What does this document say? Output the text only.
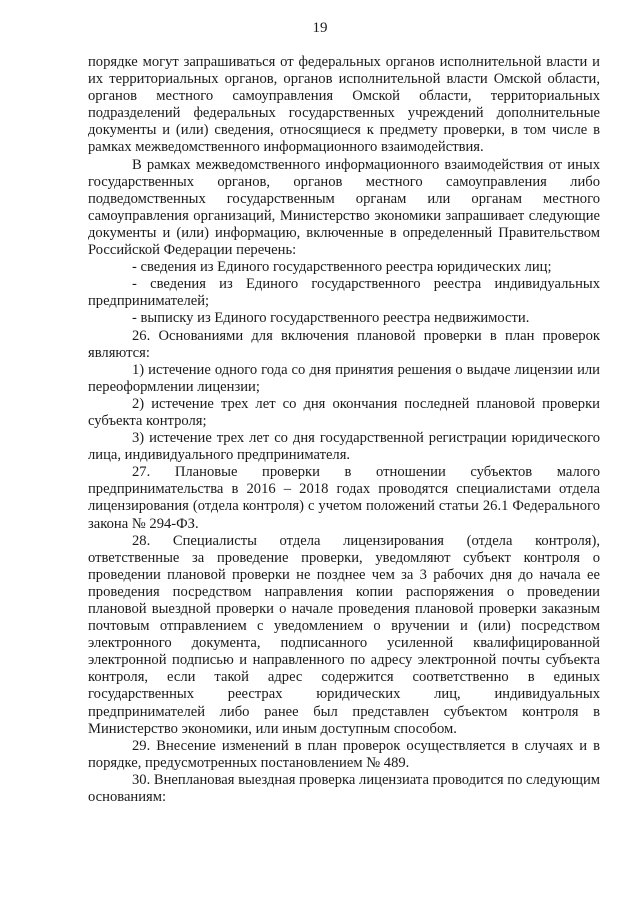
19

порядке могут запрашиваться от федеральных органов исполнительной власти и их территориальных органов, органов исполнительной власти Омской области, органов местного самоуправления Омской области, территориальных подразделений федеральных государственных учреждений дополнительные документы и (или) сведения, относящиеся к предмету проверки, в том числе в рамках межведомственного информационного взаимодействия.

В рамках межведомственного информационного взаимодействия от иных государственных органов, органов местного самоуправления либо подведомственных государственным органам или органам местного самоуправления организаций, Министерство экономики запрашивает следующие документы и (или) информацию, включенные в определенный Правительством Российской Федерации перечень:

- сведения из Единого государственного реестра юридических лиц;

- сведения из Единого государственного реестра индивидуальных предпринимателей;

- выписку из Единого государственного реестра недвижимости.

26. Основаниями для включения плановой проверки в план проверок являются:

1) истечение одного года со дня принятия решения о выдаче лицензии или переоформлении лицензии;

2) истечение трех лет со дня окончания последней плановой проверки субъекта контроля;

3) истечение трех лет со дня государственной регистрации юридического лица, индивидуального предпринимателя.

27. Плановые проверки в отношении субъектов малого предпринимательства в 2016 – 2018 годах проводятся специалистами отдела лицензирования (отдела контроля) с учетом положений статьи 26.1 Федерального закона № 294-ФЗ.

28. Специалисты отдела лицензирования (отдела контроля), ответственные за проведение проверки, уведомляют субъект контроля о проведении плановой проверки не позднее чем за 3 рабочих дня до начала ее проведения посредством направления копии распоряжения о проведении плановой выездной проверки о начале проведения плановой проверки заказным почтовым отправлением с уведомлением о вручении и (или) посредством электронного документа, подписанного усиленной квалифицированной электронной подписью и направленного по адресу электронной почты субъекта контроля, если такой адрес содержится соответственно в единых государственных реестрах юридических лиц, индивидуальных предпринимателей либо ранее был представлен субъектом контроля в Министерство экономики, или иным доступным способом.

29. Внесение изменений в план проверок осуществляется в случаях и в порядке, предусмотренных постановлением № 489.

30. Внеплановая выездная проверка лицензиата проводится по следующим основаниям:
